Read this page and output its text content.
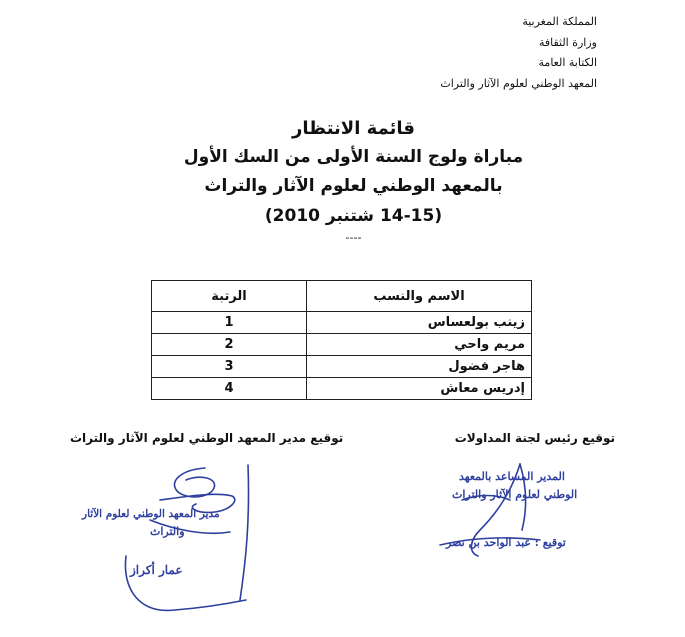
المملكة المغربية
وزارة الثقافة
الكتابة العامة
المعهد الوطني لعلوم الآثار والتراث
قائمة الانتظار
مباراة ولوج السنة الأولى من السك الأول
بالمعهد الوطني لعلوم الآثار والتراث
(14-15 شتنبر 2010)
----
الاسم والنسب	الرتبة
زينب بولعساس	1
مريم واحي	2
هاجر فضول	3
إدريس معاش	4
توقيع مدير المعهد الوطني لعلوم الآثار والتراث	توقيع رئيس لجنة المداولات
مدير المعهد الوطني لعلوم الآثار
والتراث
عمار أكراز
المدير المساعد بالمعهد
الوطني لعلوم الآثار والتراث
توقيع : عبد الواحد بن نصر
